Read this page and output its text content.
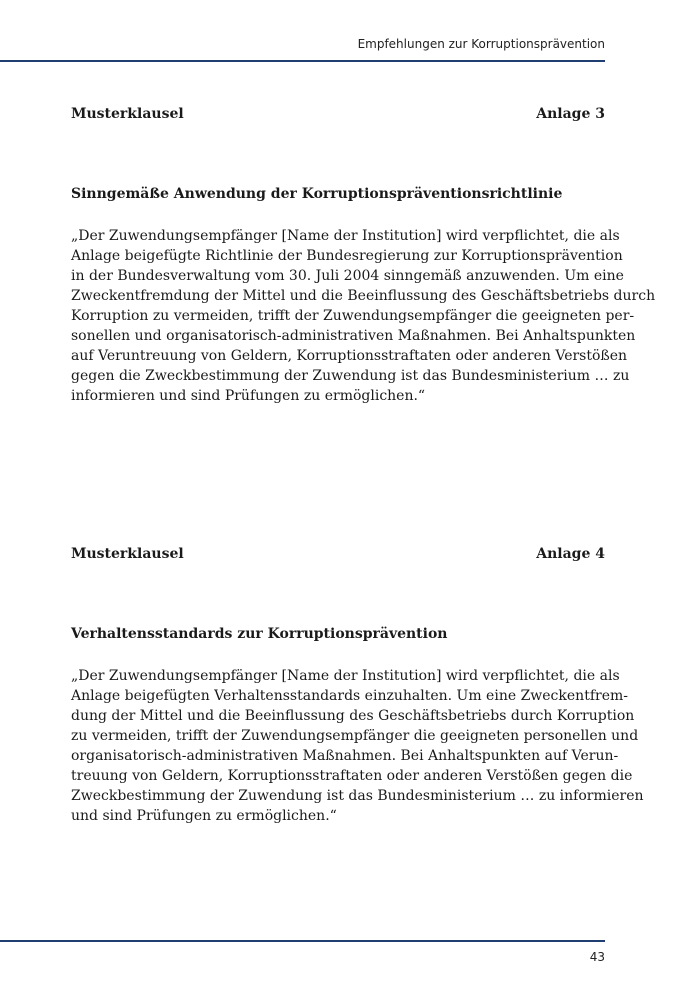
Empfehlungen zur Korruptionsprävention
Musterklausel	Anlage 3
Sinngemäße Anwendung der Korruptionspräventionsrichtlinie
„Der Zuwendungsempfänger [Name der Institution] wird verpflichtet, die als
Anlage beigefügte Richtlinie der Bundesregierung zur Korruptionsprävention
in der Bundesverwaltung vom 30. Juli 2004 sinngemäß anzuwenden. Um eine
Zweckentfremdung der Mittel und die Beeinflussung des Geschäftsbetriebs durch
Korruption zu vermeiden, trifft der Zuwendungsempfänger die geeigneten per-
sonellen und organisatorisch-administrativen Maßnahmen. Bei Anhaltspunkten
auf Veruntreuung von Geldern, Korruptionsstraftaten oder anderen Verstößen
gegen die Zweckbestimmung der Zuwendung ist das Bundesministerium … zu
informieren und sind Prüfungen zu ermöglichen.“
Musterklausel	Anlage 4
Verhaltensstandards zur Korruptionsprävention
„Der Zuwendungsempfänger [Name der Institution] wird verpflichtet, die als
Anlage beigefügten Verhaltensstandards einzuhalten. Um eine Zweckentfrem-
dung der Mittel und die Beeinflussung des Geschäftsbetriebs durch Korruption
zu vermeiden, trifft der Zuwendungsempfänger die geeigneten personellen und
organisatorisch-administrativen Maßnahmen. Bei Anhaltspunkten auf Verun-
treuung von Geldern, Korruptionsstraftaten oder anderen Verstößen gegen die
Zweckbestimmung der Zuwendung ist das Bundesministerium … zu informieren
und sind Prüfungen zu ermöglichen.“
43
